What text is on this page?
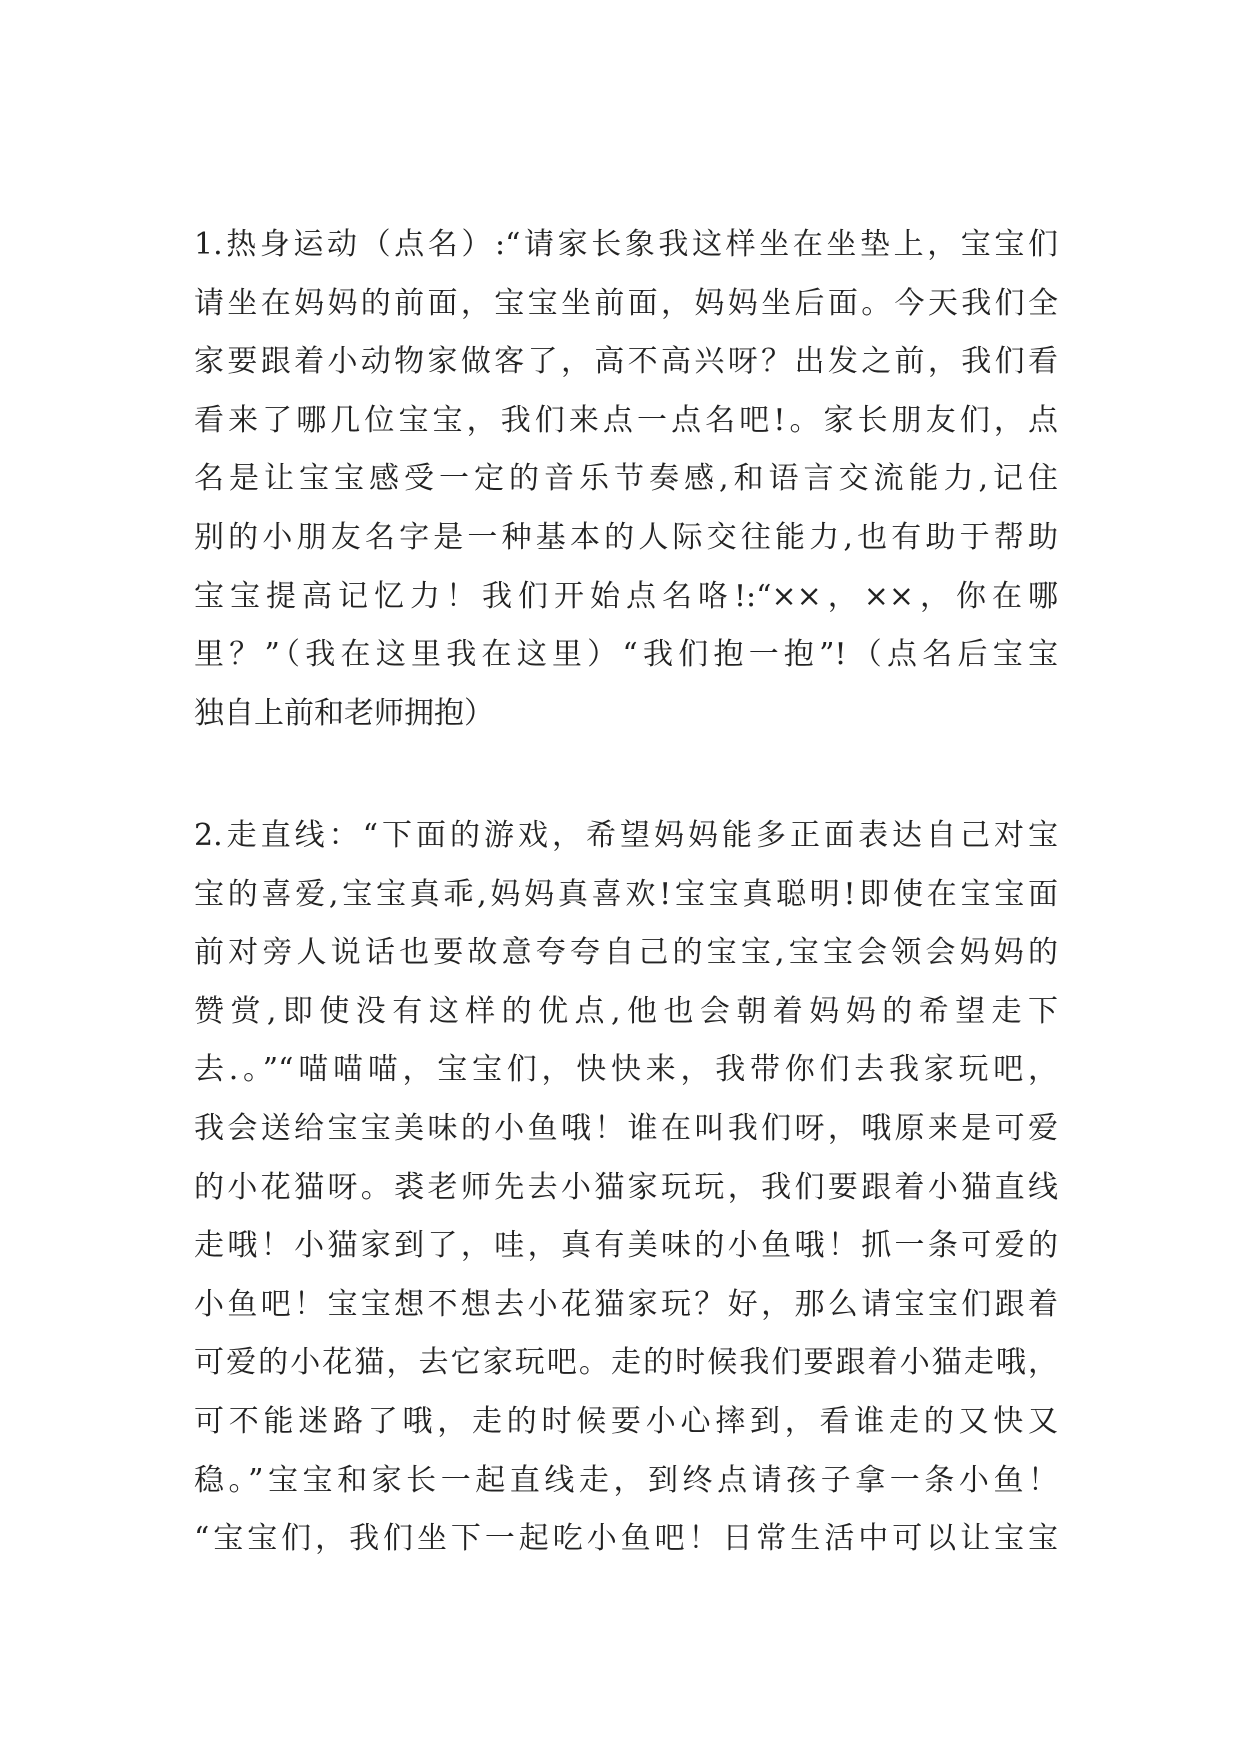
1.热身运动（点名）:“请家长象我这样坐在坐垫上，宝宝们
请坐在妈妈的前面，宝宝坐前面，妈妈坐后面。今天我们全
家要跟着小动物家做客了，高不高兴呀？出发之前，我们看
看来了哪几位宝宝，我们来点一点名吧!。家长朋友们，点
名是让宝宝感受一定的音乐节奏感,和语言交流能力,记住
别的小朋友名字是一种基本的人际交往能力,也有助于帮助
宝宝提高记忆力！我们开始点名咯!:“××，××，你在哪
里？”（我在这里我在这里）“我们抱一抱”!（点名后宝宝
独自上前和老师拥抱）
2.走直线：“下面的游戏，希望妈妈能多正面表达自己对宝
宝的喜爱,宝宝真乖,妈妈真喜欢!宝宝真聪明!即使在宝宝面
前对旁人说话也要故意夸夸自己的宝宝,宝宝会领会妈妈的
赞赏,即使没有这样的优点,他也会朝着妈妈的希望走下
去.。”“喵喵喵，宝宝们，快快来，我带你们去我家玩吧，
我会送给宝宝美味的小鱼哦！谁在叫我们呀，哦原来是可爱
的小花猫呀。裘老师先去小猫家玩玩，我们要跟着小猫直线
走哦！小猫家到了，哇，真有美味的小鱼哦！抓一条可爱的
小鱼吧！宝宝想不想去小花猫家玩？好，那么请宝宝们跟着
可爱的小花猫，去它家玩吧。走的时候我们要跟着小猫走哦，
可不能迷路了哦，走的时候要小心摔到，看谁走的又快又
稳。”宝宝和家长一起直线走，到终点请孩子拿一条小鱼！
“宝宝们，我们坐下一起吃小鱼吧！日常生活中可以让宝宝
